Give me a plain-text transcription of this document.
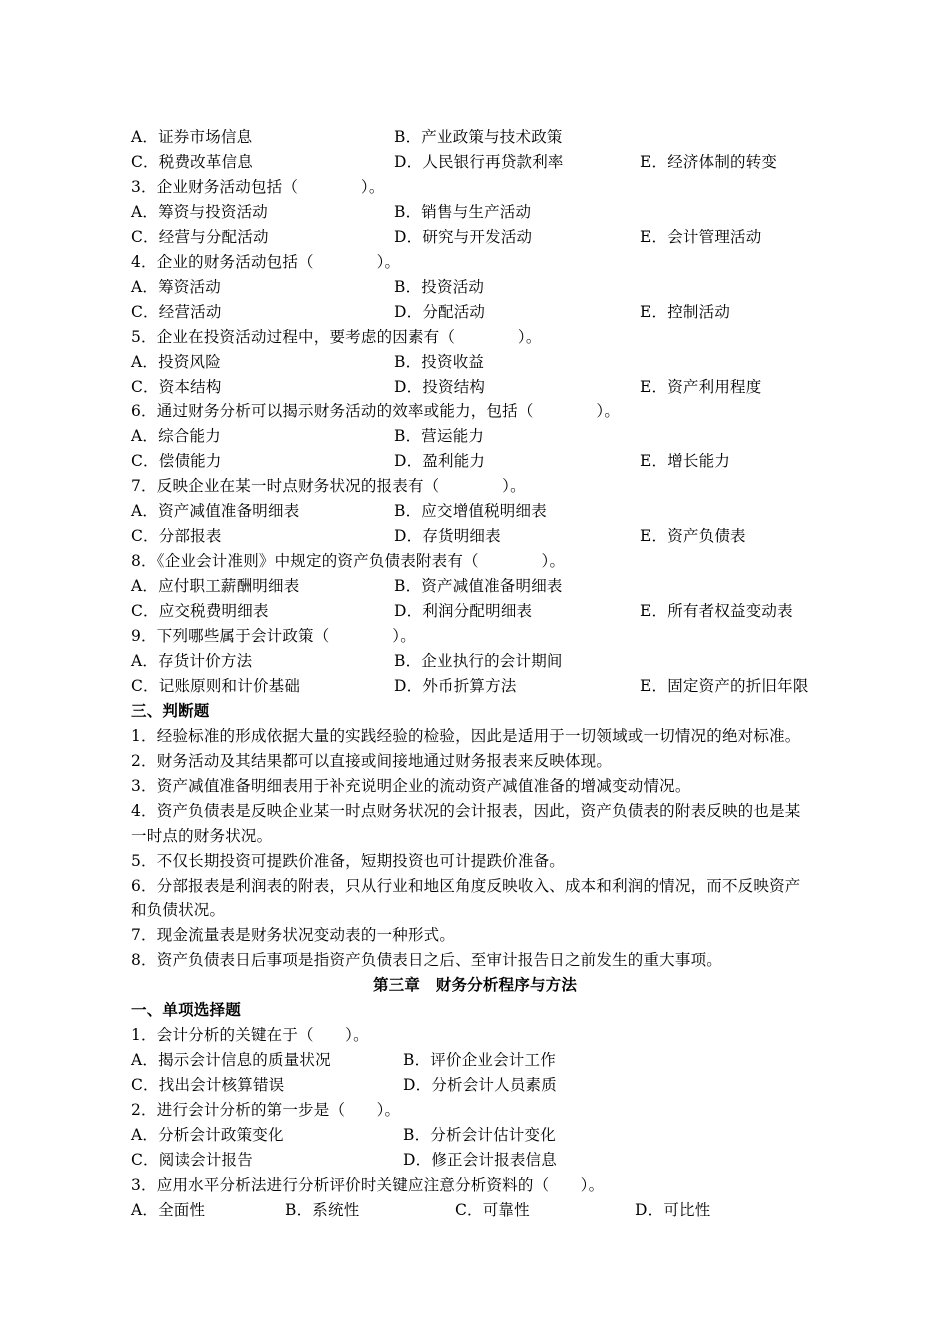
A．证券市场信息	B．产业政策与技术政策
C．税费改革信息	D．人民银行再贷款利率	E．经济体制的转变
3．企业财务活动包括（　　　　）。
A．筹资与投资活动	B．销售与生产活动
C．经营与分配活动	D．研究与开发活动	E．会计管理活动
4．企业的财务活动包括（　　　　）。
A．筹资活动	B．投资活动
C．经营活动	D．分配活动	E．控制活动
5．企业在投资活动过程中，要考虑的因素有（　　　　）。
A．投资风险	B．投资收益
C．资本结构	D．投资结构	E．资产利用程度
6．通过财务分析可以揭示财务活动的效率或能力，包括（　　　　）。
A．综合能力	B．营运能力
C．偿债能力	D．盈利能力	E．增长能力
7．反映企业在某一时点财务状况的报表有（　　　　）。
A．资产减值准备明细表	B．应交增值税明细表
C．分部报表	D．存货明细表	E．资产负债表
8．《企业会计准则》中规定的资产负债表附表有（　　　　）。
A．应付职工薪酬明细表	B．资产减值准备明细表
C．应交税费明细表	D．利润分配明细表	E．所有者权益变动表
9．下列哪些属于会计政策（　　　　）。
A．存货计价方法	B．企业执行的会计期间
C．记账原则和计价基础	D．外币折算方法	E．固定资产的折旧年限
三、判断题
1．经验标准的形成依据大量的实践经验的检验，因此是适用于一切领域或一切情况的绝对标准。
2．财务活动及其结果都可以直接或间接地通过财务报表来反映体现。
3．资产减值准备明细表用于补充说明企业的流动资产减值准备的增减变动情况。
4．资产负债表是反映企业某一时点财务状况的会计报表，因此，资产负债表的附表反映的也是某
一时点的财务状况。
5．不仅长期投资可提跌价准备，短期投资也可计提跌价准备。
6．分部报表是利润表的附表，只从行业和地区角度反映收入、成本和利润的情况，而不反映资产
和负债状况。
7．现金流量表是财务状况变动表的一种形式。
8．资产负债表日后事项是指资产负债表日之后、至审计报告日之前发生的重大事项。
第三章　财务分析程序与方法
一、单项选择题
1．会计分析的关键在于（　　）。
A．揭示会计信息的质量状况	B．评价企业会计工作
C．找出会计核算错误	D．分析会计人员素质
2．进行会计分析的第一步是（　　）。
A．分析会计政策变化	B．分析会计估计变化
C．阅读会计报告	D．修正会计报表信息
3．应用水平分析法进行分析评价时关键应注意分析资料的（　　）。
A．全面性	B．系统性	C．可靠性	D．可比性
